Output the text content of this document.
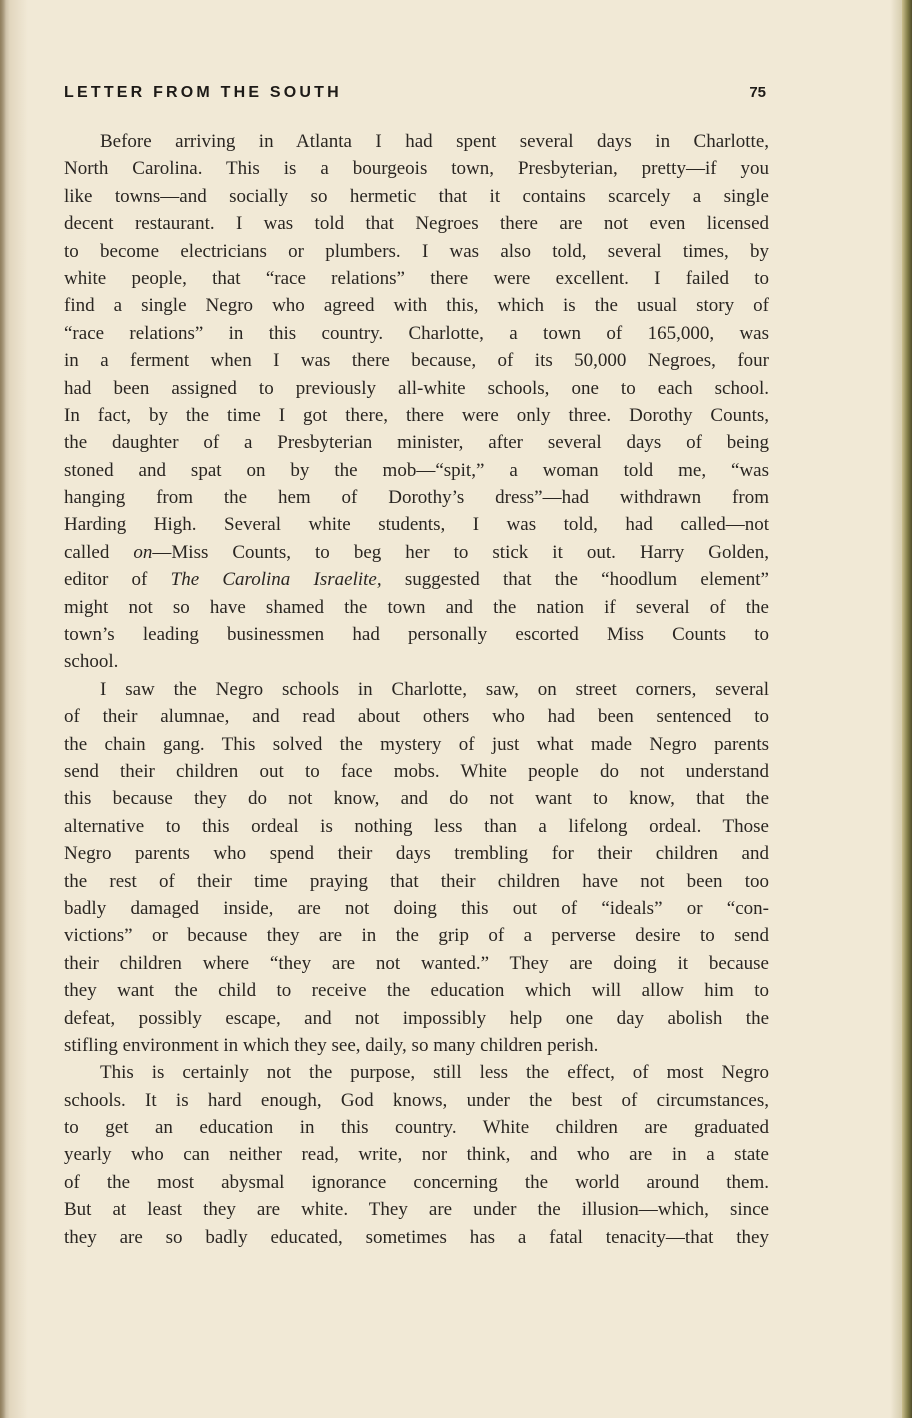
LETTER FROM THE SOUTH	75
Before arriving in Atlanta I had spent several days in Charlotte,
North Carolina. This is a bourgeois town, Presbyterian, pretty—if you
like towns—and socially so hermetic that it contains scarcely a single
decent restaurant. I was told that Negroes there are not even licensed
to become electricians or plumbers. I was also told, several times, by
white people, that “race relations” there were excellent. I failed to
find a single Negro who agreed with this, which is the usual story of
“race relations” in this country. Charlotte, a town of 165,000, was
in a ferment when I was there because, of its 50,000 Negroes, four
had been assigned to previously all-white schools, one to each school.
In fact, by the time I got there, there were only three. Dorothy Counts,
the daughter of a Presbyterian minister, after several days of being
stoned and spat on by the mob—“spit,” a woman told me, “was
hanging from the hem of Dorothy’s dress”—had withdrawn from
Harding High. Several white students, I was told, had called—not
called on—Miss Counts, to beg her to stick it out. Harry Golden,
editor of The Carolina Israelite, suggested that the “hoodlum element”
might not so have shamed the town and the nation if several of the
town’s leading businessmen had personally escorted Miss Counts to
school.
I saw the Negro schools in Charlotte, saw, on street corners, several
of their alumnae, and read about others who had been sentenced to
the chain gang. This solved the mystery of just what made Negro parents
send their children out to face mobs. White people do not understand
this because they do not know, and do not want to know, that the
alternative to this ordeal is nothing less than a lifelong ordeal. Those
Negro parents who spend their days trembling for their children and
the rest of their time praying that their children have not been too
badly damaged inside, are not doing this out of “ideals” or “con-
victions” or because they are in the grip of a perverse desire to send
their children where “they are not wanted.” They are doing it because
they want the child to receive the education which will allow him to
defeat, possibly escape, and not impossibly help one day abolish the
stifling environment in which they see, daily, so many children perish.
This is certainly not the purpose, still less the effect, of most Negro
schools. It is hard enough, God knows, under the best of circumstances,
to get an education in this country. White children are graduated
yearly who can neither read, write, nor think, and who are in a state
of the most abysmal ignorance concerning the world around them.
But at least they are white. They are under the illusion—which, since
they are so badly educated, sometimes has a fatal tenacity—that they
